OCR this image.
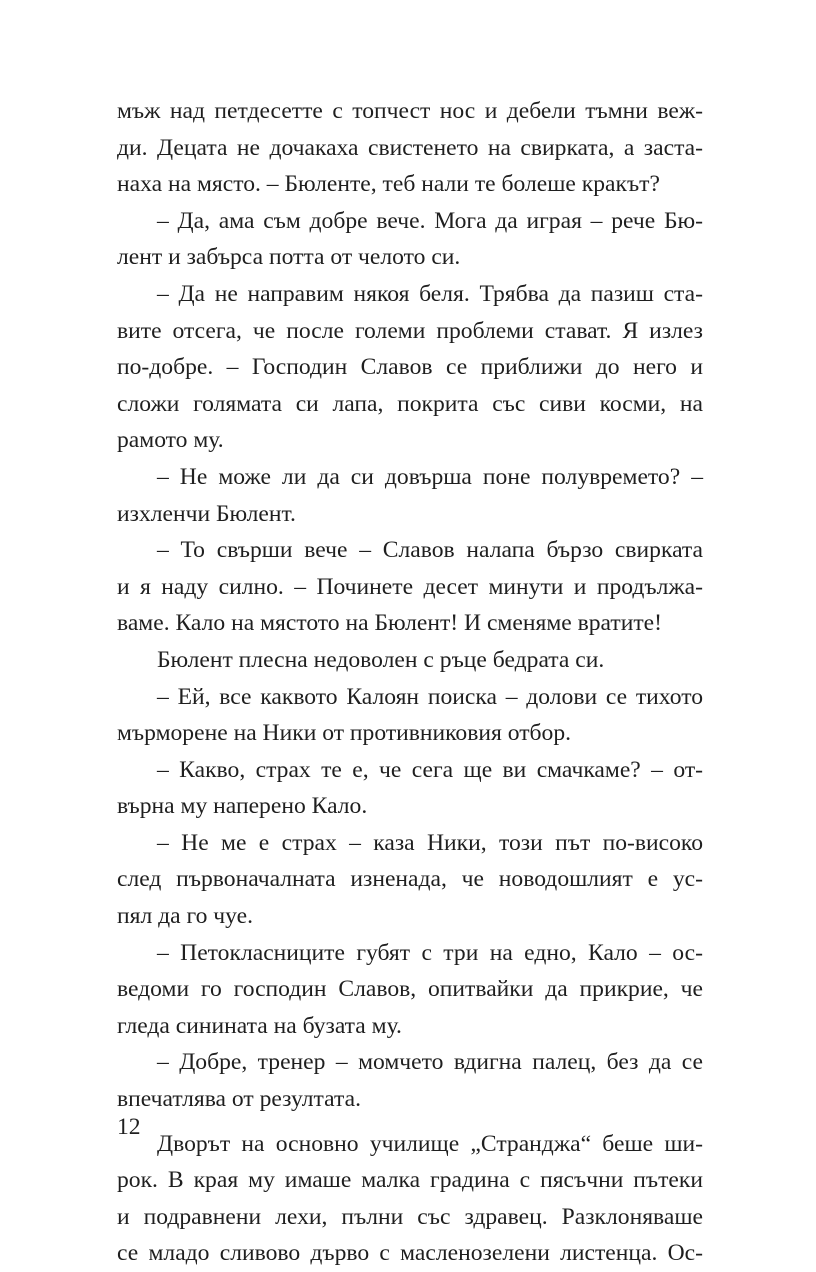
мъж над петдесетте с топчест нос и дебели тъмни веж-
ди. Децата не дочакаха свистенето на свирката, а заста-
наха на място. – Бюленте, теб нали те болеше кракът?
– Да, ама съм добре вече. Мога да играя – рече Бю-
лент и забърса потта от челото си.
– Да не направим някоя беля. Трябва да пазиш ста-
вите отсега, че после големи проблеми стават. Я излез
по-добре. – Господин Славов се приближи до него и
сложи голямата си лапа, покрита със сиви косми, на
рамото му.
– Не може ли да си довърша поне полувремето? –
изхленчи Бюлент.
– То свърши вече – Славов налапа бързо свирката
и я наду силно. – Починете десет минути и продължа-
ваме. Кало на мястото на Бюлент! И сменяме вратите!
Бюлент плесна недоволен с ръце бедрата си.
– Ей, все каквото Калоян поиска – долови се тихото
мърморене на Ники от противниковия отбор.
– Какво, страх те е, че сега ще ви смачкаме? – от-
върна му наперено Кало.
– Не ме е страх – каза Ники, този път по-високо
след първоначалната изненада, че новодошлият е ус-
пял да го чуе.
– Петокласниците губят с три на едно, Кало – ос-
ведоми го господин Славов, опитвайки да прикрие, че
гледа синината на бузата му.
– Добре, тренер – момчето вдигна палец, без да се
впечатлява от резултата.
Дворът на основно училище „Странджа“ беше ши-
рок. В края му имаше малка градина с пясъчни пътеки
и подравнени лехи, пълни със здравец. Разклоняваше
се младо сливово дърво с масленозелени листенца. Ос-
12
